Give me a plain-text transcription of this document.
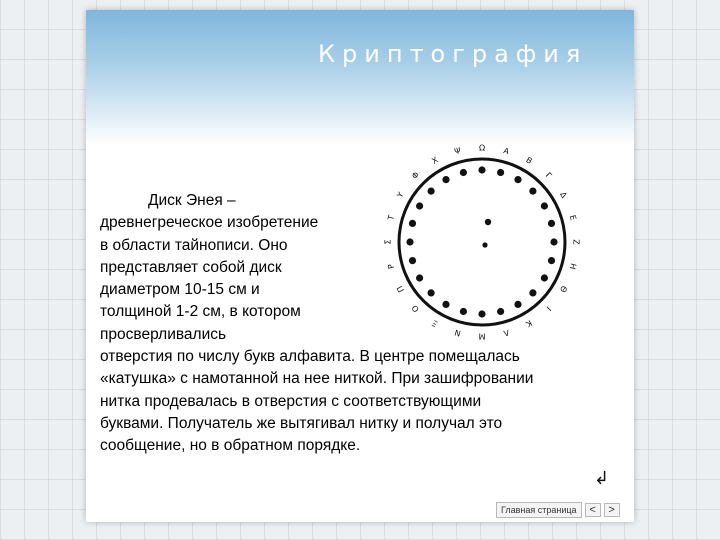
Криптография
Ω Α
Β
Γ
Δ
Ε
Ζ
Η
Θ
Ι
Κ
Λ
Μ
Ν
Ξ
Ο
Π
Ρ
Σ
Τ
Υ
Φ
Χ
Ψ

Диск Энея –

древнегреческое изобретение

в области тайнописи. Оно

представляет собой диск

диаметром 10-15 см и

толщиной 1-2 см, в котором

просверливались

отверстия по числу букв алфавита. В центре помещалась

«катушка» с намотанной на нее ниткой. При зашифровании

нитка продевалась в отверстия с соответствующими

буквами. Получатель же вытягивал нитку и получал это

сообщение, но в обратном порядке.

↲
Главная страница	<	>
